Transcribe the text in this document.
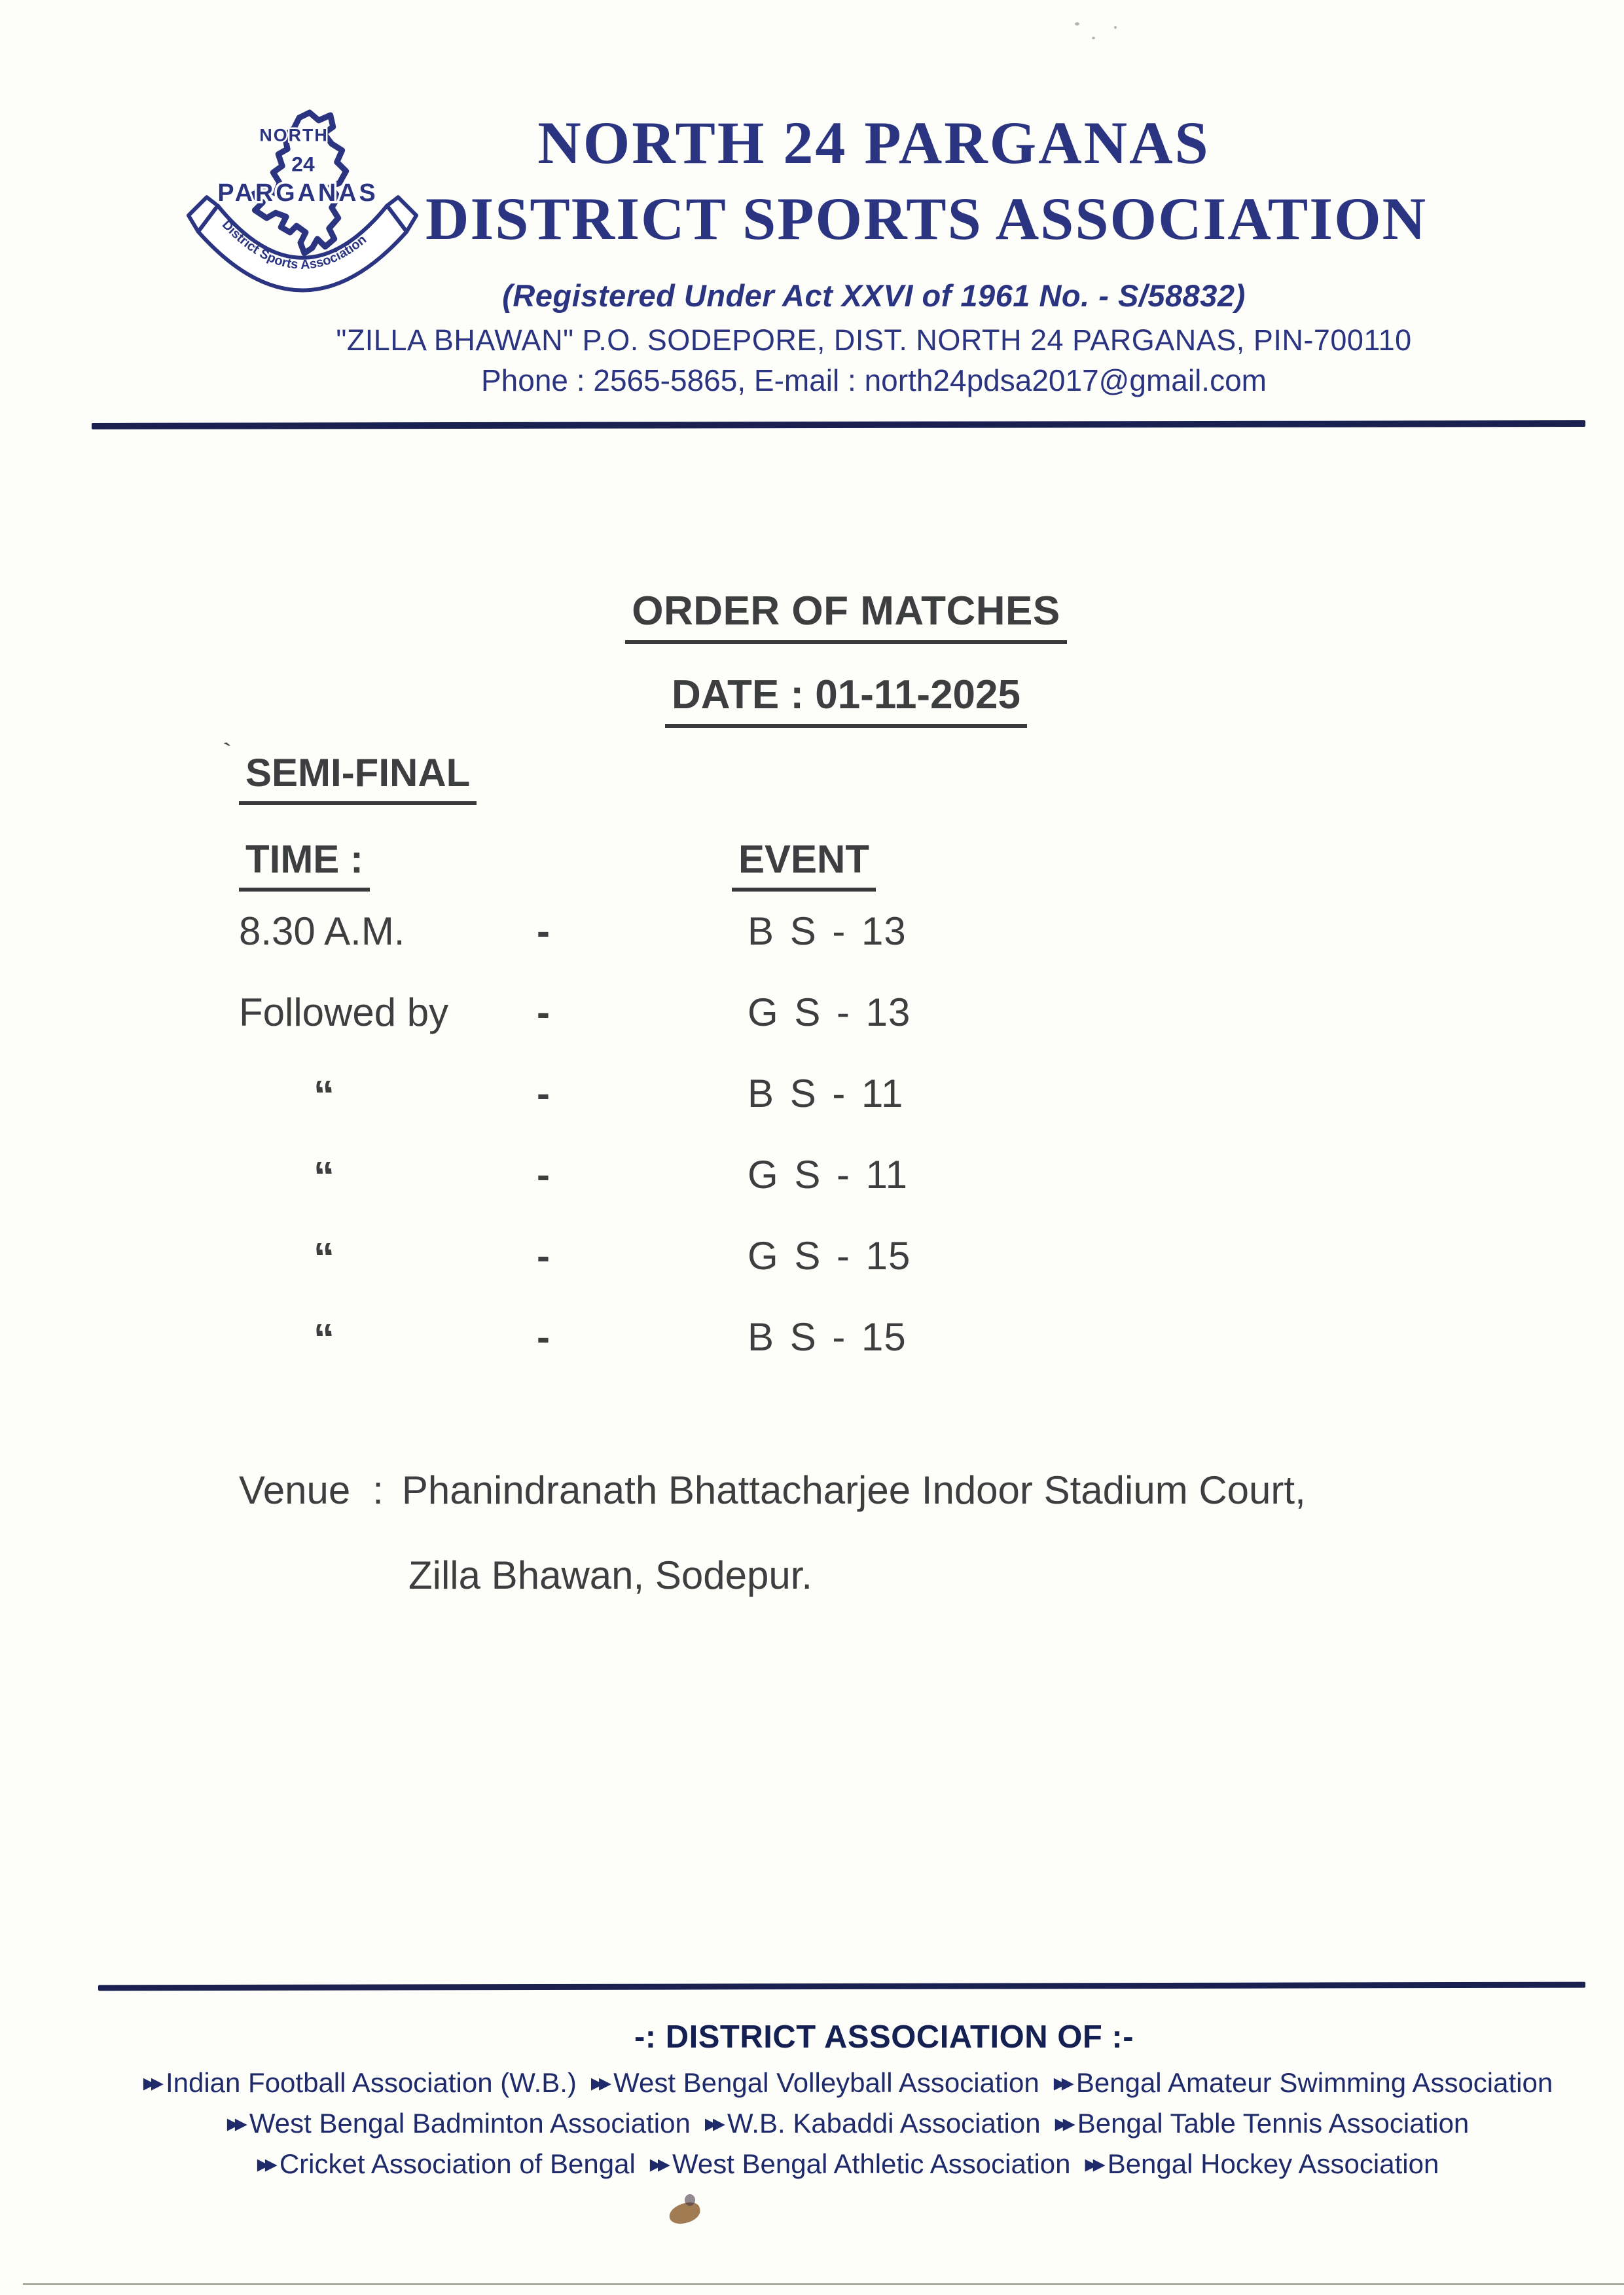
NORTH
24
PARGANAS
District Sports Association
NORTH 24 PARGANAS
DISTRICT SPORTS ASSOCIATION
(Registered Under Act XXVI of 1961 No. - S/58832)
"ZILLA BHAWAN" P.O. SODEPORE, DIST. NORTH 24 PARGANAS, PIN-700110
Phone : 2565-5865, E-mail : north24pdsa2017@gmail.com
ORDER OF MATCHES
DATE : 01-11-2025
SEMI-FINAL
TIME :	EVENT
8.30 A.M.	-	B S - 13
Followed by -	G S - 13
“	-	B S - 11
“	-	G S - 11
“	-	G S - 15
“	-	B S - 15
Venue : Phanindranath Bhattacharjee Indoor Stadium Court,
Zilla Bhawan, Sodepur.
-: DISTRICT ASSOCIATION OF :-
▸▸ Indian Football Association (W.B.) ▸▸ West Bengal Volleyball Association ▸▸ Bengal Amateur Swimming Association
▸▸ West Bengal Badminton Association ▸▸ W.B. Kabaddi Association ▸▸ Bengal Table Tennis Association
▸▸ Cricket Association of Bengal ▸▸ West Bengal Athletic Association ▸▸ Bengal Hockey Association
`
